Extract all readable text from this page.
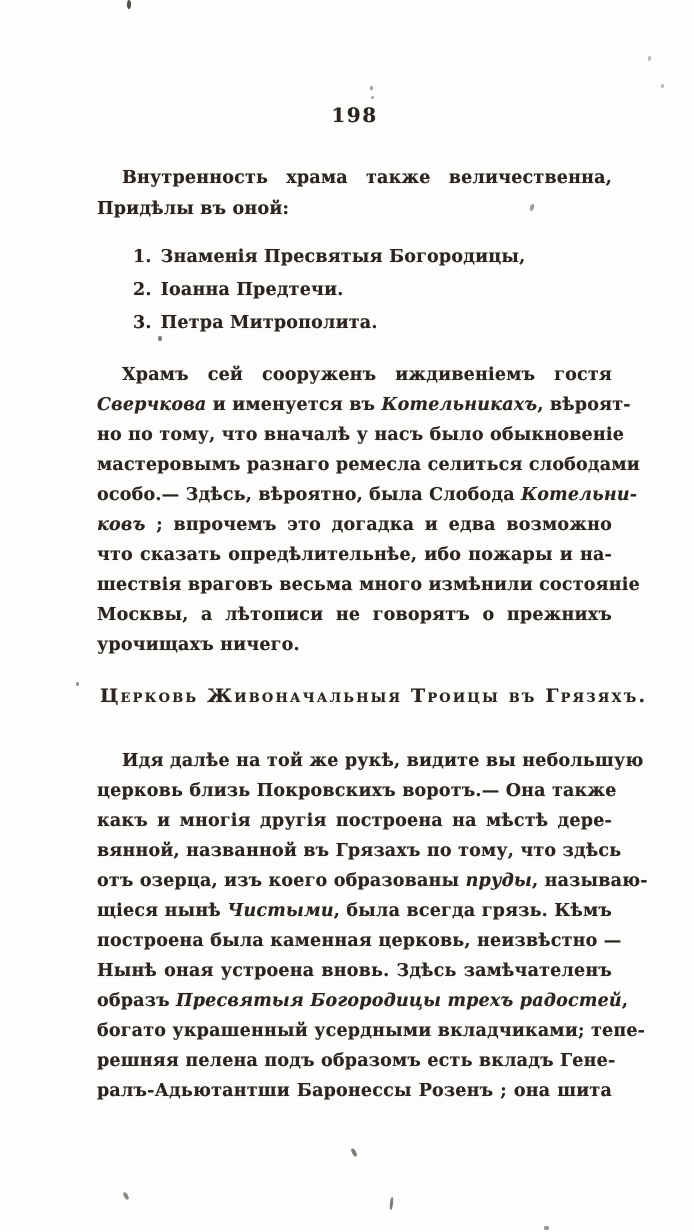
198
Внутренность храма также величественна,
Придѣлы въ оной:
1. Знаменія Пресвятыя Богородицы,
2. Іоанна Предтечи.
3. Петра Митрополита.
Храмъ сей сооруженъ иждивеніемъ гостя
Сверчкова и именуется въ Котельникахъ, вѣроят-
но по тому, что вначалѣ у насъ было обыкновеніе
мастеровымъ разнаго ремесла селиться слободами
особо.— Здѣсь, вѣроятно, была Слобода Котельни-
ковъ ; впрочемъ это догадка и едва возможно
что сказать опредѣлительнѣе, ибо пожары и на-
шествія враговъ весьма много измѣнили состояніе
Москвы, а лѣтописи не говорятъ о прежнихъ
урочищахъ ничего.
Церковь Живоначальныя Троицы въ Грязяхъ.
Идя далѣе на той же рукѣ, видите вы небольшую
церковь близь Покровскихъ воротъ.— Она также
какъ и многія другія построена на мѣстѣ дере-
вянной, названной въ Грязахъ по тому, что здѣсь
отъ озерца, изъ коего образованы пруды, называю-
щіеся нынѣ Чистыми, была всегда грязь. Кѣмъ
построена была каменная церковь, неизвѣстно —
Нынѣ оная устроена вновь. Здѣсь замѣчателенъ
образъ Пресвятыя Богородицы трехъ радостей,
богато украшенный усердными вкладчиками; тепе-
решняя пелена подъ образомъ есть вкладъ Гене-
ралъ-Адьютантши Баронессы Розенъ ; она шита
